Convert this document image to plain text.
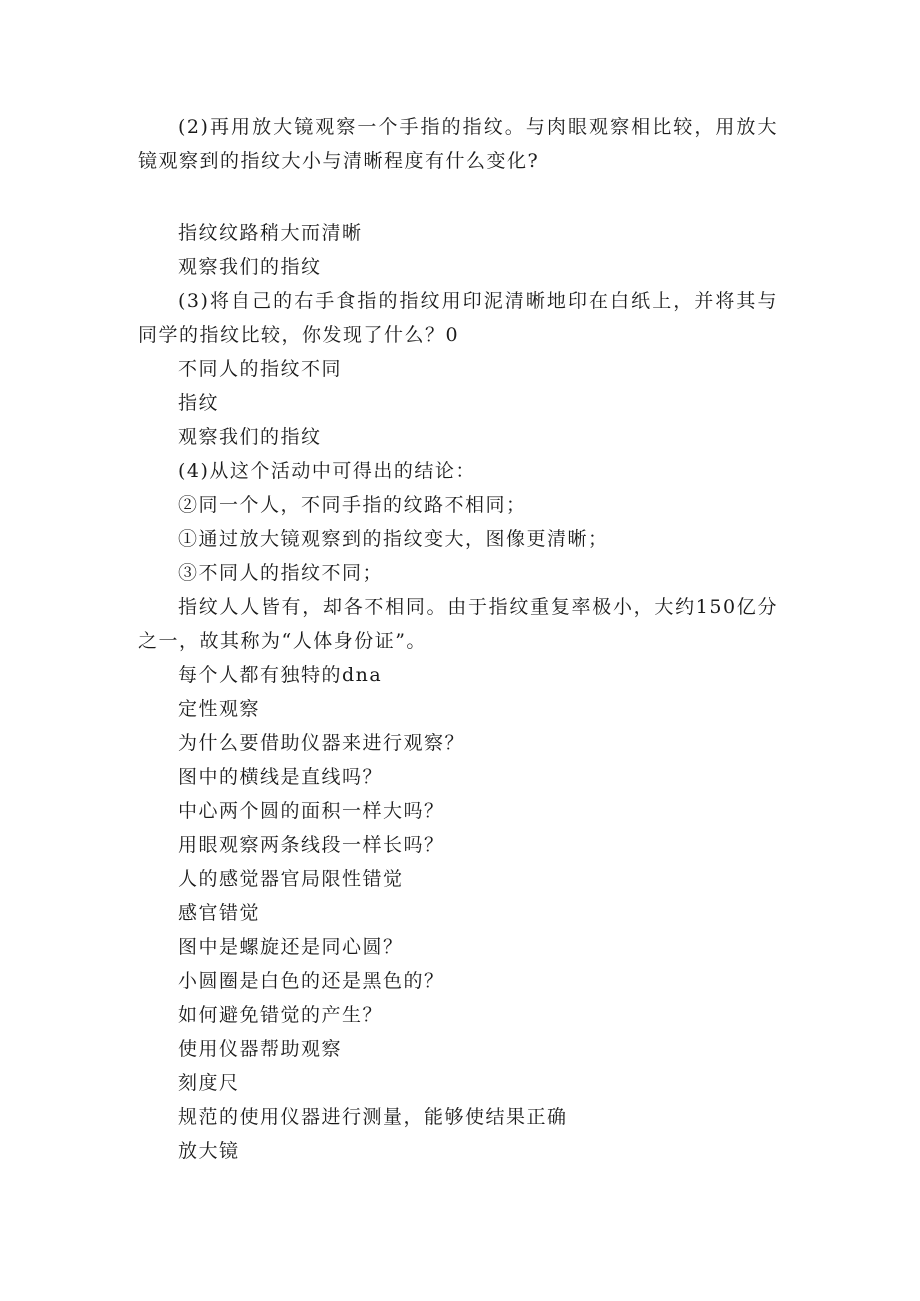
(2)再用放大镜观察一个手指的指纹。与肉眼观察相比较，用放大镜观察到的指纹大小与清晰程度有什么变化?

指纹纹路稍大而清晰

观察我们的指纹

(3)将自己的右手食指的指纹用印泥清晰地印在白纸上，并将其与同学的指纹比较，你发现了什么？0

不同人的指纹不同

指纹

观察我们的指纹

(4)从这个活动中可得出的结论：

②同一个人，不同手指的纹路不相同；

①通过放大镜观察到的指纹变大，图像更清晰；

③不同人的指纹不同；

指纹人人皆有，却各不相同。由于指纹重复率极小，大约150亿分之一，故其称为“人体身份证”。

每个人都有独特的dna

定性观察

为什么要借助仪器来进行观察？

图中的横线是直线吗？

中心两个圆的面积一样大吗？

用眼观察两条线段一样长吗？

人的感觉器官局限性错觉

感官错觉

图中是螺旋还是同心圆？

小圆圈是白色的还是黑色的？

如何避免错觉的产生？

使用仪器帮助观察

刻度尺

规范的使用仪器进行测量，能够使结果正确

放大镜
